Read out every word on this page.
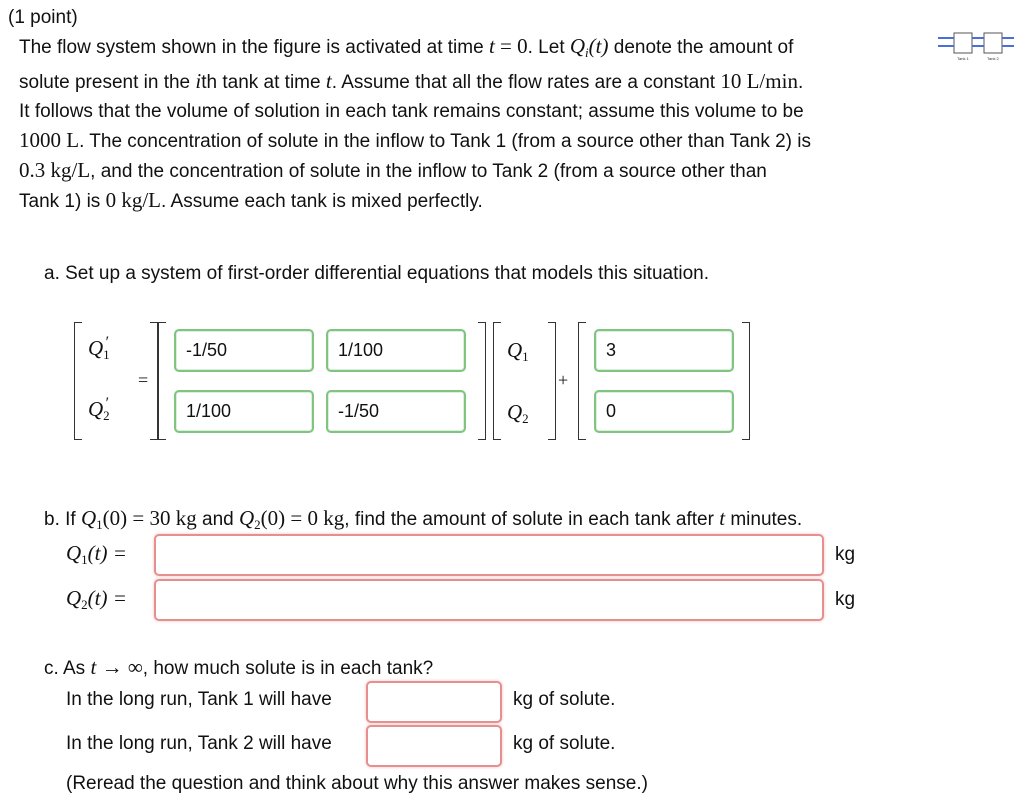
(1 point)
The flow system shown in the figure is activated at time t = 0. Let $Q_i(t)$ denote the amount of
solute present in the ith tank at time t. Assume that all the flow rates are a constant 10 L/min.
It follows that the volume of solution in each tank remains constant; assume this volume to be
1000 L. The concentration of solute in the inflow to Tank 1 (from a source other than Tank 2) is
0.3 kg/L, and the concentration of solute in the inflow to Tank 2 (from a source other than
Tank 1) is 0 kg/L. Assume each tank is mixed perfectly.
Tank 1	Tank 2
a. Set up a system of first-order differential equations that models this situation.
$Q_1'$
$Q_2'$
=
-1/50	1/100
1/100	-1/50
$Q_1$
$Q_2$
+
3
0
b. If $Q_1(0) = 30$ kg and $Q_2(0) = 0$ kg, find the amount of solute in each tank after t minutes.
$Q_1(t)$ =	kg
$Q_2(t)$ =	kg
c. As t → ∞, how much solute is in each tank?
In the long run, Tank 1 will have	kg of solute.
In the long run, Tank 2 will have	kg of solute.
(Reread the question and think about why this answer makes sense.)
